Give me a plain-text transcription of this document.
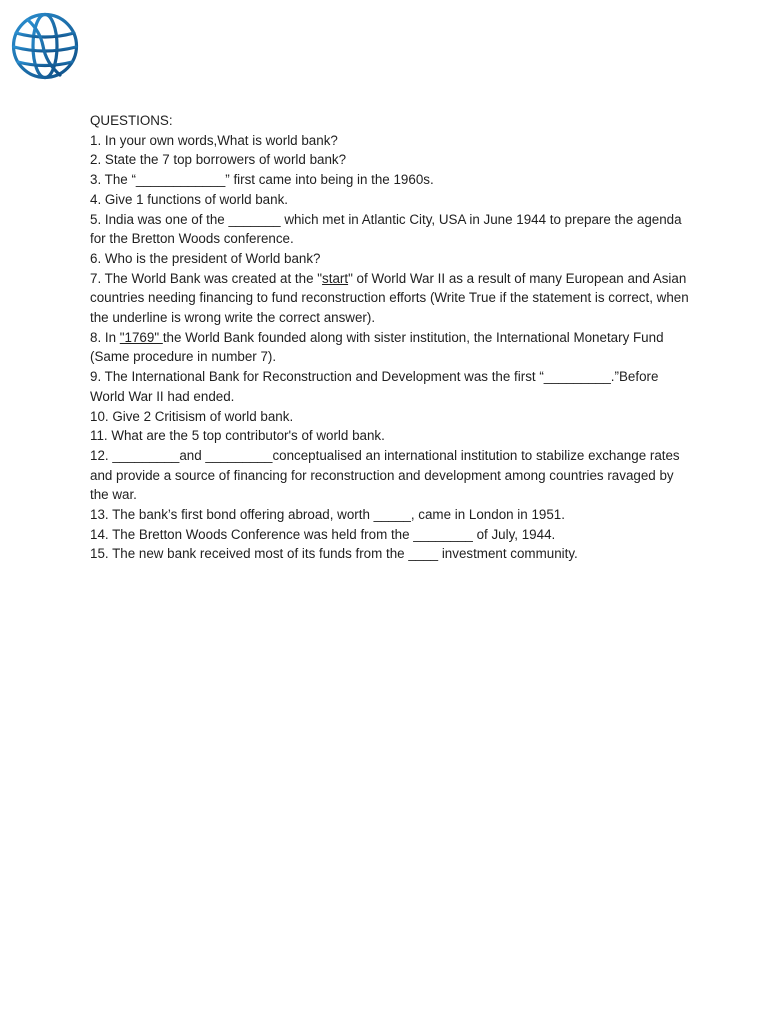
QUESTIONS:

1. In your own words,What is world bank?

2. State the 7 top borrowers of world bank?

3. The “____________” first came into being in the 1960s.

4. Give 1 functions of world bank.

5. India was one of the _______ which met in Atlantic City, USA in June 1944 to prepare the agenda for the Bretton Woods conference.

6. Who is the president of World bank?

7. The World Bank was created at the "start" of World War II as a result of many European and Asian countries needing financing to fund reconstruction efforts (Write True if the statement is correct, when the underline is wrong write the correct answer).

8. In "1769" the World Bank founded along with sister institution, the International Monetary Fund (Same procedure in number 7).

9. The International Bank for Reconstruction and Development was the first “_________.”Before World War II had ended.

10. Give 2 Critisism of world bank.

11. What are the 5 top contributor's of world bank.

12. _________and _________conceptualised an international institution to stabilize exchange rates and provide a source of financing for reconstruction and development among countries ravaged by the war.

13. The bank’s first bond offering abroad, worth _____, came in London in 1951.

14. The Bretton Woods Conference was held from the ________ of July, 1944.

15. The new bank received most of its funds from the ____ investment community.
